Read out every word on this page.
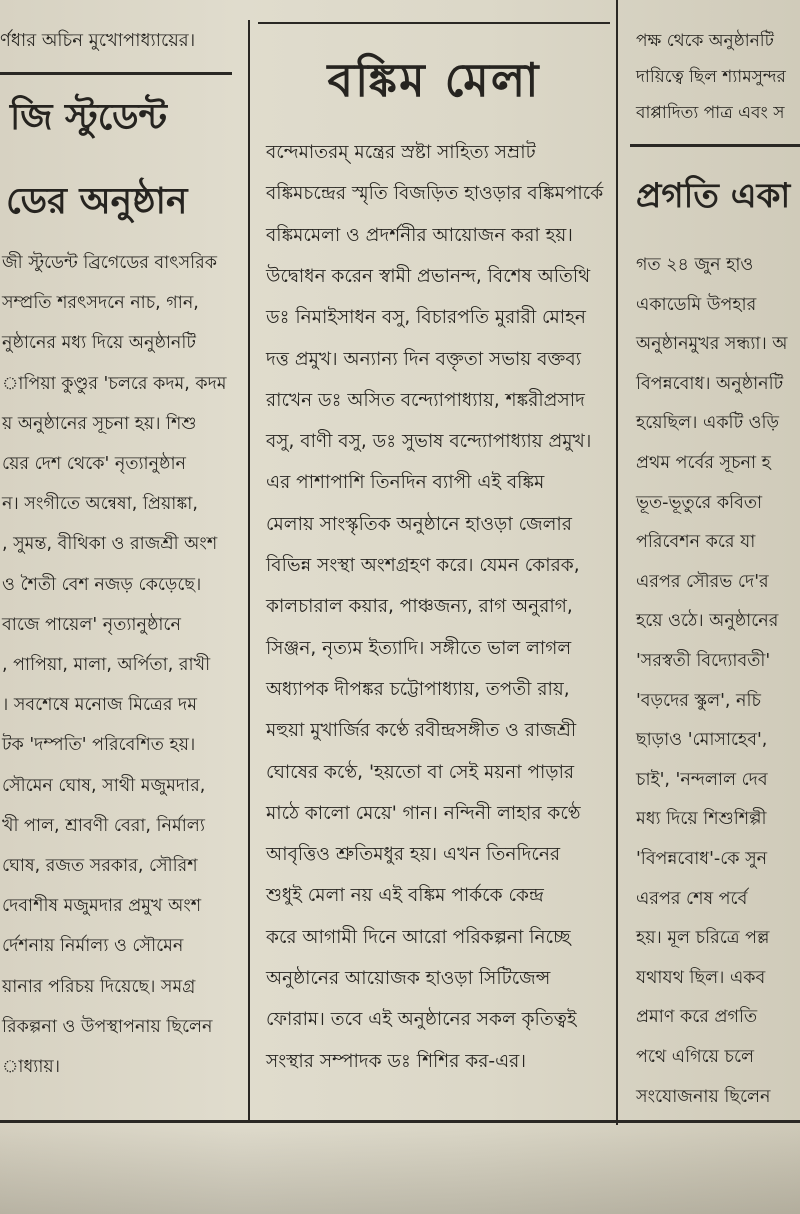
র্ণধার অচিন মুখোপাধ্যায়ের।
জি স্টুডেন্ট
ডের অনুষ্ঠান
জী স্টুডেন্ট ব্রিগেডের বাৎসরিক
সম্প্রতি শরৎসদনে নাচ, গান,
নুষ্ঠানের মধ্য দিয়ে অনুষ্ঠানটি
াপিয়া কুণ্ডুর 'চলরে কদম, কদম
য় অনুষ্ঠানের সূচনা হয়। শিশু
য়ের দেশ থেকে' নৃত্যানুষ্ঠান
ন। সংগীতে অন্বেষা, প্রিয়াঙ্কা,
, সুমন্ত, বীথিকা ও রাজশ্রী অংশ
ও শৈতী বেশ নজড় কেড়েছে।
বাজে পায়েল' নৃত্যানুষ্ঠানে
, পাপিয়া, মালা, অর্পিতা, রাখী
। সবশেষে মনোজ মিত্রের দম
টক 'দম্পতি' পরিবেশিত হয়।
সৌমেন ঘোষ, সাথী মজুমদার,
খী পাল, শ্রাবণী বেরা, নির্মাল্য
ঘোষ, রজত সরকার, সৌরিশ
দেবাশীষ মজুমদার প্রমুখ অংশ
র্দেশনায় নির্মাল্য ও সৌমেন
য়ানার পরিচয় দিয়েছে। সমগ্র
রিকল্পনা ও উপস্থাপনায় ছিলেন
াধ্যায়।
বঙ্কিম মেলা
বন্দেমাতরম্ মন্ত্রের স্রষ্টা সাহিত্য সম্রাট
বঙ্কিমচন্দ্রের স্মৃতি বিজড়িত হাওড়ার বঙ্কিমপার্কে
বঙ্কিমমেলা ও প্রদর্শনীর আয়োজন করা হয়।
উদ্বোধন করেন স্বামী প্রভানন্দ, বিশেষ অতিথি
ডঃ নিমাইসাধন বসু, বিচারপতি মুরারী মোহন
দত্ত প্রমুখ। অন্যান্য দিন বক্তৃতা সভায় বক্তব্য
রাখেন ডঃ অসিত বন্দ্যোপাধ্যায়, শঙ্করীপ্রসাদ
বসু, বাণী বসু, ডঃ সুভাষ বন্দ্যোপাধ্যায় প্রমুখ।
এর পাশাপাশি তিনদিন ব্যাপী এই বঙ্কিম
মেলায় সাংস্কৃতিক অনুষ্ঠানে হাওড়া জেলার
বিভিন্ন সংস্থা অংশগ্রহণ করে। যেমন কোরক,
কালচারাল কয়ার, পাঞ্চজন্য, রাগ অনুরাগ,
সিঞ্জন, নৃত্যম ইত্যাদি। সঙ্গীতে ভাল লাগল
অধ্যাপক দীপঙ্কর চট্টোপাধ্যায়, তপতী রায়,
মহুয়া মুখার্জির কণ্ঠে রবীন্দ্রসঙ্গীত ও রাজশ্রী
ঘোষের কণ্ঠে, 'হয়তো বা সেই ময়না পাড়ার
মাঠে কালো মেয়ে' গান। নন্দিনী লাহার কণ্ঠে
আবৃত্তিও শ্রুতিমধুর হয়। এখন তিনদিনের
শুধুই মেলা নয় এই বঙ্কিম পার্ককে কেন্দ্র
করে আগামী দিনে আরো পরিকল্পনা নিচ্ছে
অনুষ্ঠানের আয়োজক হাওড়া সিটিজেন্স
ফোরাম। তবে এই অনুষ্ঠানের সকল কৃতিত্বই
সংস্থার সম্পাদক ডঃ শিশির কর-এর।
পক্ষ থেকে অনুষ্ঠানটি
দায়িত্বে ছিল শ্যামসুন্দর
বাপ্পাদিত্য পাত্র এবং স
প্রগতি একা
গত ২৪ জুন হাও
একাডেমি উপহার
অনুষ্ঠানমুখর সন্ধ্যা। অ
বিপন্নবোধ। অনুষ্ঠানটি
হয়েছিল। একটি ওড়ি
প্রথম পর্বের সূচনা হ
ভূত-ভূতুরে কবিতা
পরিবেশন করে যা
এরপর সৌরভ দে'র
হয়ে ওঠে। অনুষ্ঠানের
'সরস্বতী বিদ্যোবতী'
'বড়দের স্কুল', নচি
ছাড়াও 'মোসাহেব',
চাই', 'নন্দলাল দেব
মধ্য দিয়ে শিশুশিল্পী
'বিপন্নবোধ'-কে সুন
এরপর শেষ পর্বে
হয়। মূল চরিত্রে পল্ল
যথাযথ ছিল। একব
প্রমাণ করে প্রগতি
পথে এগিয়ে চলে
সংযোজনায় ছিলেন
